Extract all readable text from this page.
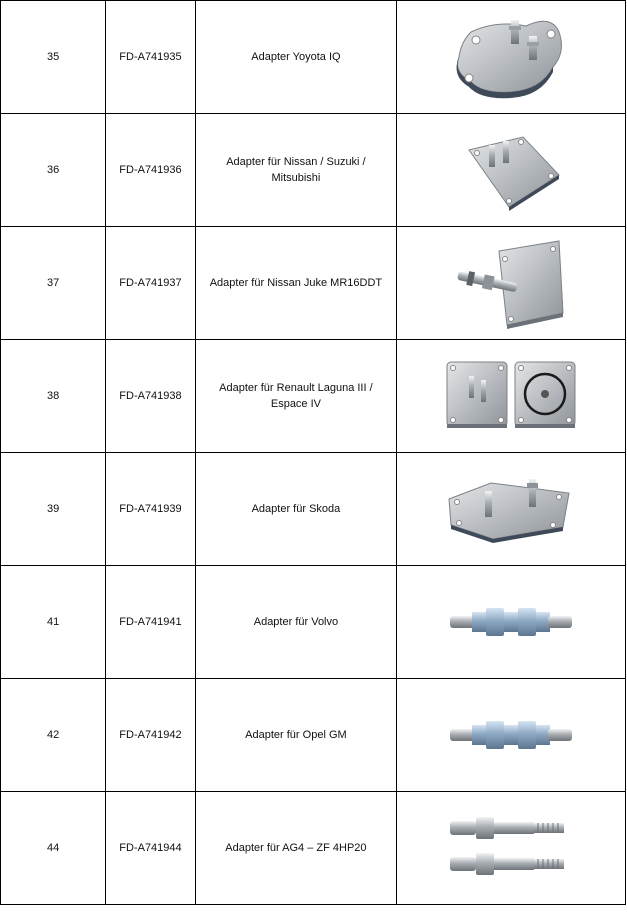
35	FD-A741935	Adapter Yoyota IQ	

36	FD-A741936	Adapter für Nissan / Suzuki / Mitsubishi	

37	FD-A741937	Adapter für Nissan Juke MR16DDT	

38	FD-A741938	Adapter für Renault Laguna III / Espace IV	

39	FD-A741939	Adapter für Skoda	

41	FD-A741941	Adapter für Volvo	

42	FD-A741942	Adapter für Opel GM	

44	FD-A741944	Adapter für AG4 – ZF 4HP20	
